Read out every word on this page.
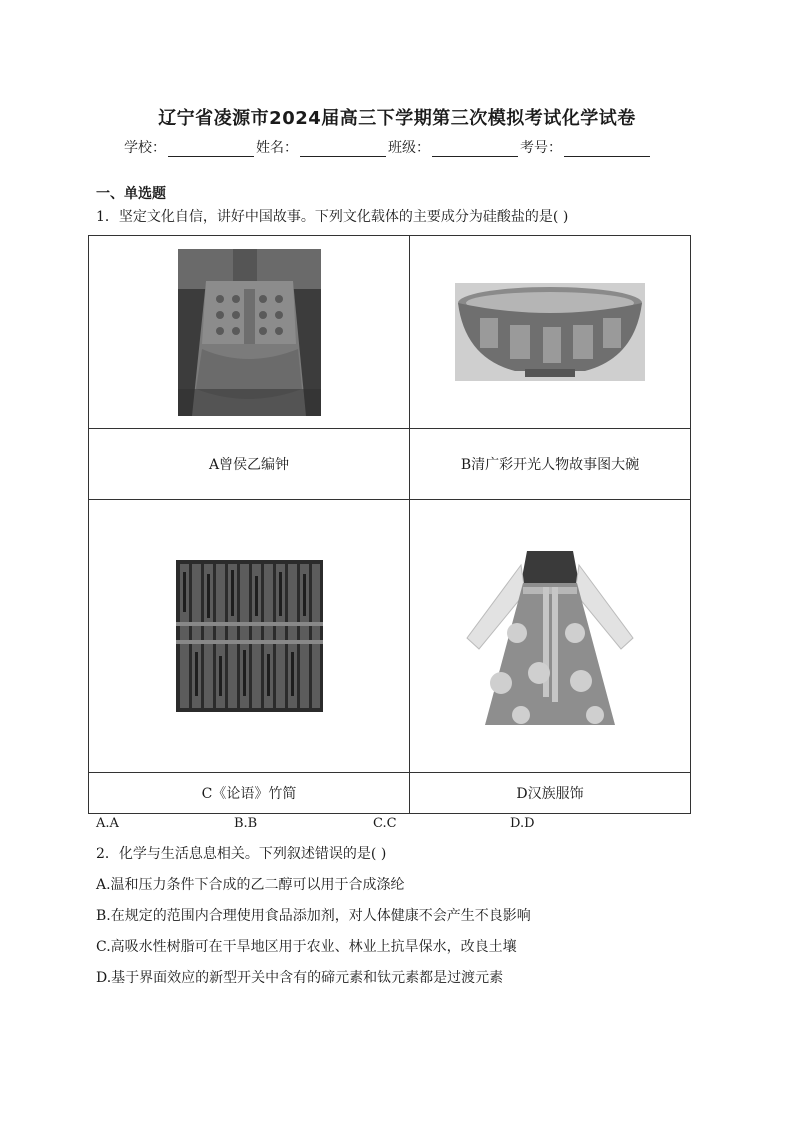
辽宁省凌源市2024届高三下学期第三次模拟考试化学试卷
学校：	姓名：	班级：	考号：
一、单选题
1．坚定文化自信，讲好中国故事。下列文化载体的主要成分为硅酸盐的是( )

A曾侯乙编钟	B清广彩开光人物故事图大碗

C《论语》竹简	D汉族服饰
A.A	B.B	C.C	D.D
2．化学与生活息息相关。下列叙述错误的是( )
A.温和压力条件下合成的乙二醇可以用于合成涤纶
B.在规定的范围内合理使用食品添加剂，对人体健康不会产生不良影响
C.高吸水性树脂可在干旱地区用于农业、林业上抗旱保水，改良土壤
D.基于界面效应的新型开关中含有的碲元素和钛元素都是过渡元素
